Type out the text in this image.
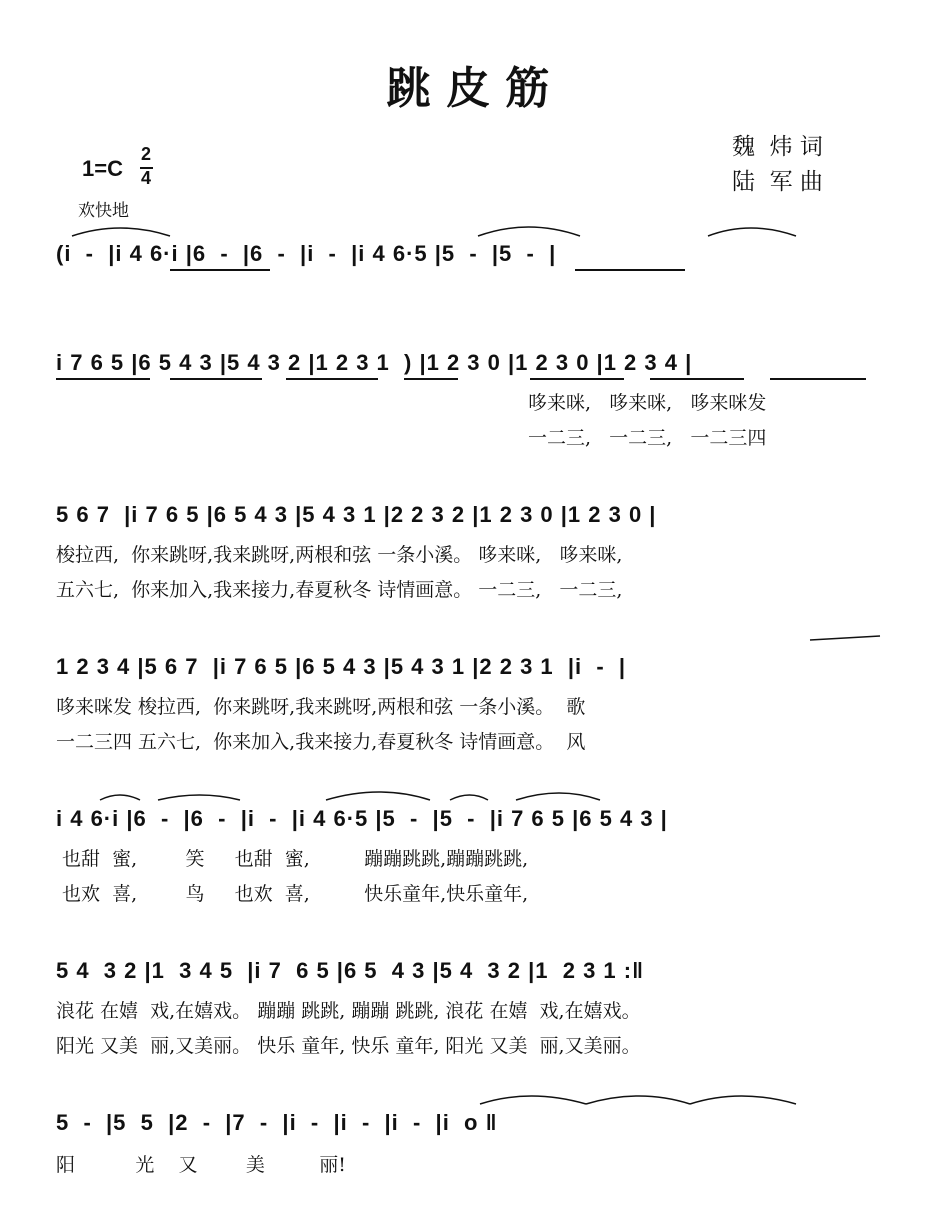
跳 皮 筋
魏  炜 词
陆  军 曲
1=C
2
4
欢快地
(i  -  |i 4 6·i |6  -  |6  -  |i  -  |i 4 6·5 |5  -  |5  -  |
i 7 6 5 |6 5 4 3 |5 4 3 2 |1 2 3 1  ) |1 2 3 0 |1 2 3 0 |1 2 3 4 |
哆来咪,   哆来咪,   哆来咪发
一二三,   一二三,   一二三四
5 6 7  |i 7 6 5 |6 5 4 3 |5 4 3 1 |2 2 3 2 |1 2 3 0 |1 2 3 0 |
梭拉西,  你来跳呀,我来跳呀,两根和弦 一条小溪。 哆来咪,   哆来咪,
五六七,  你来加入,我来接力,春夏秋冬 诗情画意。 一二三,   一二三,
1 2 3 4 |5 6 7  |i 7 6 5 |6 5 4 3 |5 4 3 1 |2 2 3 1  |i  -  |
哆来咪发 梭拉西,  你来跳呀,我来跳呀,两根和弦 一条小溪。  歌
一二三四 五六七,  你来加入,我来接力,春夏秋冬 诗情画意。  风
i 4 6·i |6  -  |6  -  |i  -  |i 4 6·5 |5  -  |5  -  |i 7 6 5 |6 5 4 3 |
也甜  蜜,        笑     也甜  蜜,         蹦蹦跳跳,蹦蹦跳跳,
也欢  喜,        鸟     也欢  喜,         快乐童年,快乐童年,
5 4  3 2 |1  3 4 5  |i 7  6 5 |6 5  4 3 |5 4  3 2 |1  2 3 1 :‖
浪花 在嬉  戏,在嬉戏。 蹦蹦 跳跳, 蹦蹦 跳跳, 浪花 在嬉  戏,在嬉戏。
阳光 又美  丽,又美丽。 快乐 童年, 快乐 童年, 阳光 又美  丽,又美丽。
5  -  |5  5  |2  -  |7  -  |i  -  |i  -  |i  -  |i  o ‖
阳          光    又        美         丽!
